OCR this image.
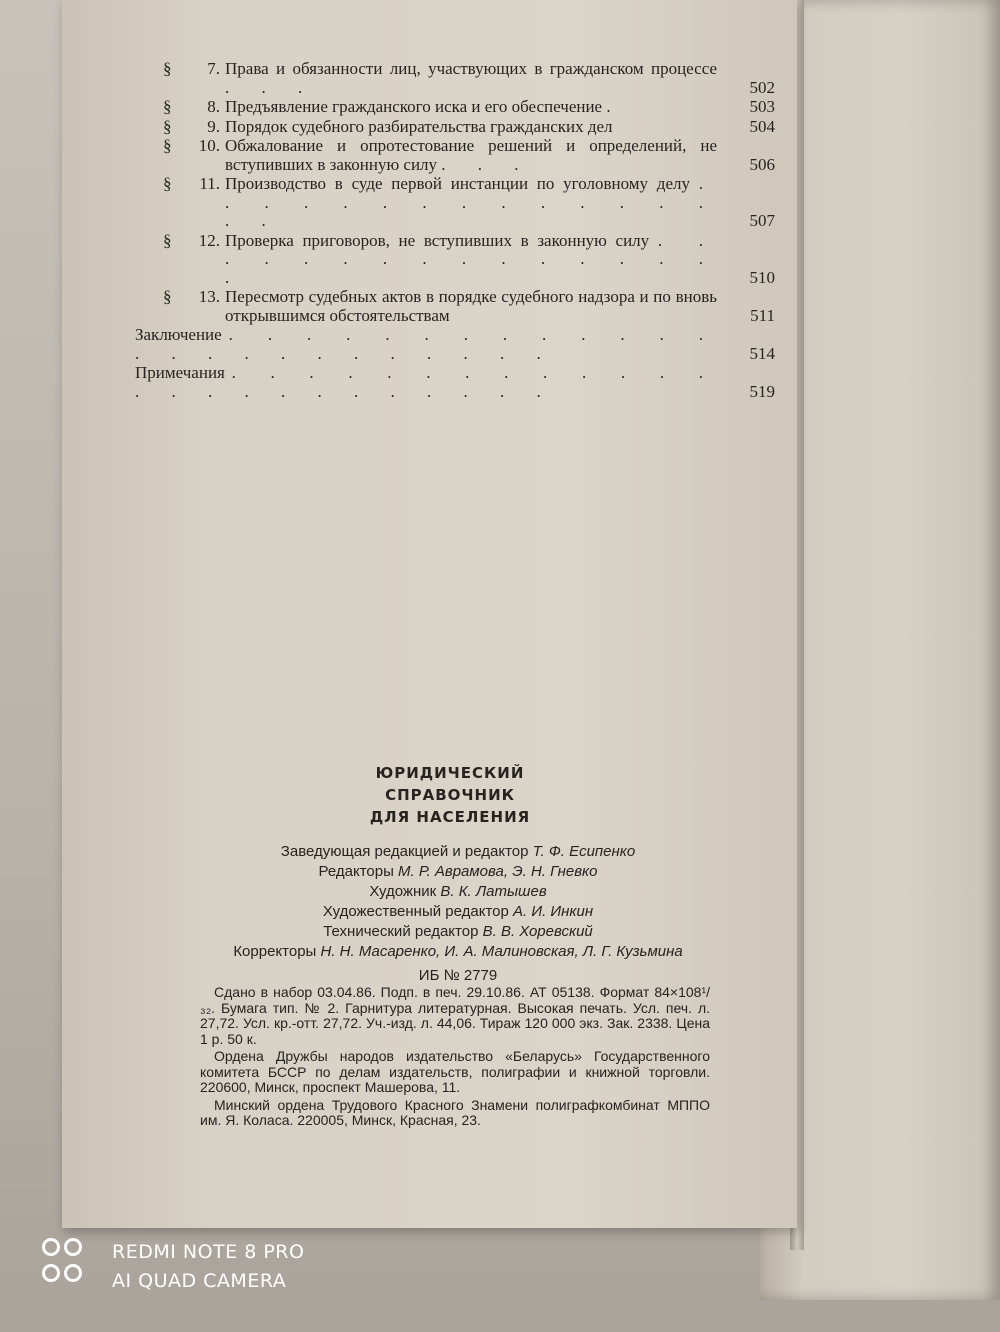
§	7. Права и обязанности лиц, участвующих в гражданском процессе . . .	502
§	8. Предъявление гражданского иска и его обеспечение .	503
§	9. Порядок судебного разбирательства гражданских дел	504
§	10. Обжалование и опротестование решений и определений, не вступивших в законную силу . . .	506
§	11. Производство в суде первой инстанции по уголовному делу . . . . . . . . . . . . . . . .	507
§	12. Проверка приговоров, не вступивших в законную силу . . . . . . . . . . . . . . . .	510
§	13. Пересмотр судебных актов в порядке судебного надзора и по вновь открывшимся обстоятельствам	511
Заключение . . . . . . . . . . . . . . . . . . . . . . . . .	514
Примечания . . . . . . . . . . . . . . . . . . . . . . . . .	519
ЮРИДИЧЕСКИЙ
СПРАВОЧНИК
ДЛЯ НАСЕЛЕНИЯ
Заведующая редакцией и редактор Т. Ф. Есипенко
Редакторы М. Р. Аврамова, Э. Н. Гневко
Художник В. К. Латышев
Художественный редактор А. И. Инкин
Технический редактор В. В. Хоревский
Корректоры Н. Н. Масаренко, И. А. Малиновская, Л. Г. Кузьмина
ИБ № 2779

Сдано в набор 03.04.86. Подп. в печ. 29.10.86. АТ 05138. Формат 84×108¹/₃₂. Бумага тип. № 2. Гарнитура литературная. Высокая печать. Усл. печ. л. 27,72. Усл. кр.-отт. 27,72. Уч.-изд. л. 44,06. Тираж 120 000 экз. Зак. 2338. Цена 1 р. 50 к.

Ордена Дружбы народов издательство «Беларусь» Государственного комитета БССР по делам издательств, полиграфии и книжной торговли. 220600, Минск, проспект Машерова, 11.

Минский ордена Трудового Красного Знамени полиграфкомбинат МППО им. Я. Коласа. 220005, Минск, Красная, 23.

REDMI NOTE 8 PRO
AI QUAD CAMERA
